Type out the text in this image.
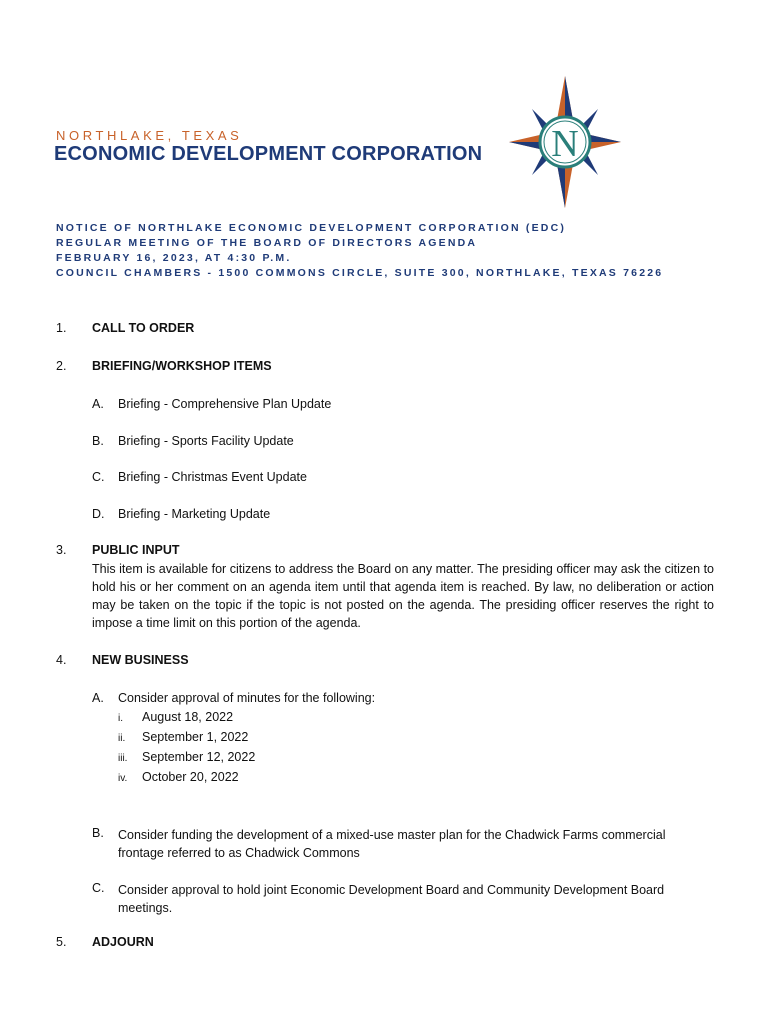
NORTHLAKE, TEXAS
ECONOMIC DEVELOPMENT CORPORATION N
NOTICE OF NORTHLAKE ECONOMIC DEVELOPMENT CORPORATION (EDC)
REGULAR MEETING OF THE BOARD OF DIRECTORS AGENDA
FEBRUARY 16, 2023, AT 4:30 P.M.
COUNCIL CHAMBERS - 1500 COMMONS CIRCLE, SUITE 300, NORTHLAKE, TEXAS 76226
1. CALL TO ORDER
2. BRIEFING/WORKSHOP ITEMS
A. Briefing - Comprehensive Plan Update
B. Briefing - Sports Facility Update
C. Briefing - Christmas Event Update
D. Briefing - Marketing Update
3. PUBLIC INPUT
This item is available for citizens to address the Board on any matter. The presiding officer may ask the citizen to hold his or her comment on an agenda item until that agenda item is reached. By law, no deliberation or action may be taken on the topic if the topic is not posted on the agenda. The presiding officer reserves the right to impose a time limit on this portion of the agenda.
4. NEW BUSINESS
A. Consider approval of minutes for the following:
i. August 18, 2022
ii. September 1, 2022
iii. September 12, 2022
iv. October 20, 2022
B. Consider funding the development of a mixed-use master plan for the Chadwick Farms commercial frontage referred to as Chadwick Commons
C. Consider approval to hold joint Economic Development Board and Community Development Board meetings.
5. ADJOURN
